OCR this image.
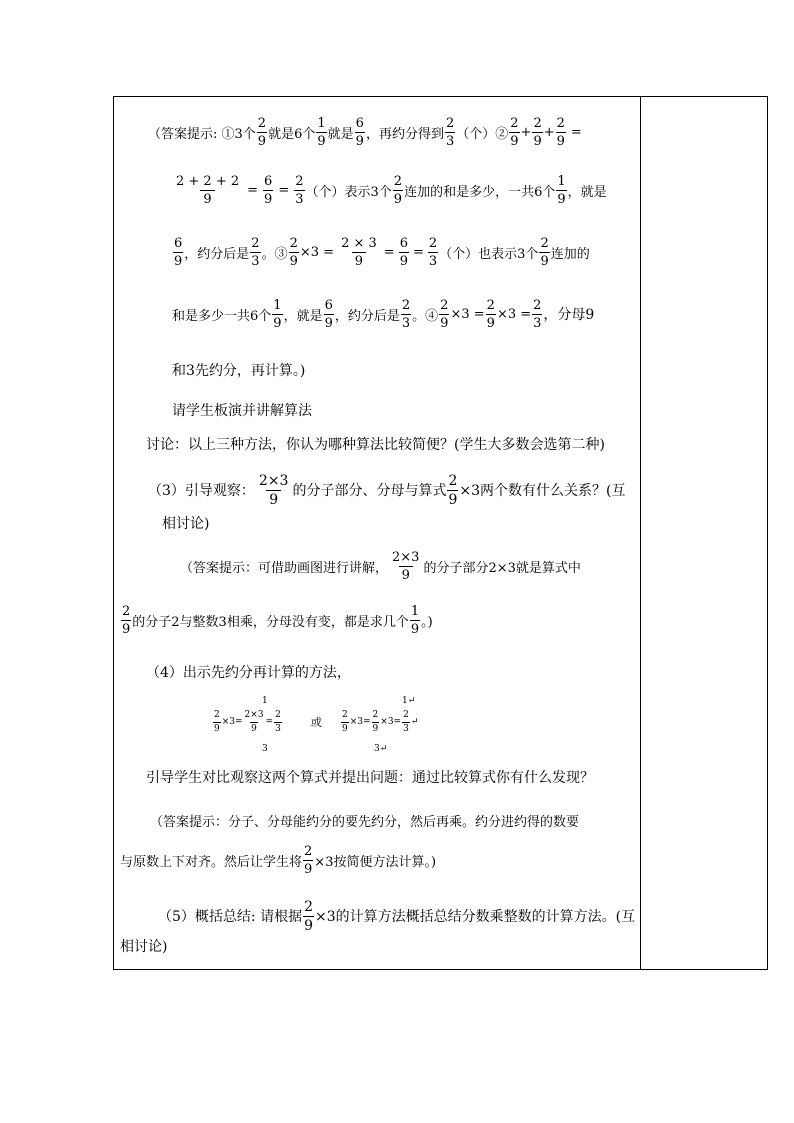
（答案提示: ①3个 $\frac{2}{9}$ 就是6个 $\frac{1}{9}$ 就是 $\frac{6}{9}$ ，再约分得到 $\frac{2}{3}$ （个）② $\frac{2}{9} + \frac{2}{9} + \frac{2}{9}$ =
$\frac{2 + 2 + 2}{9} = \frac{6}{9} = \frac{2}{3}$ （个）表示3个 $\frac{2}{9}$ 连加的和是多少，一共6个 $\frac{1}{9}$ ，就是
$\frac{6}{9}$ ，约分后是 $\frac{2}{3}$ 。③ $\frac{2}{9} \times 3 = \frac{2 \times 3}{9} = \frac{6}{9} = \frac{2}{3}$ （个）也表示3个 $\frac{2}{9}$ 连加的
和是多少一共6个 $\frac{1}{9}$ ，就是 $\frac{6}{9}$ ，约分后是 $\frac{2}{3}$ 。④ $\frac{2}{9} \times 3 = \frac{2}{9} \times 3 = \frac{2}{3}$ ，分母9
和3先约分，再计算。)
请学生板演并讲解算法
讨论：以上三种方法，你认为哪种算法比较简便？(学生大多数会选第二种)
（3）引导观察： $\frac{2\times 3}{9}$ 的分子部分、分母与算式 $\frac{2}{9} \times 3$两个数有什么关系？(互
相讨论)
（答案提示：可借助画图进行讲解， $\frac{2\times 3}{9}$ 的分子部分2×3就是算式中
$\frac{2}{9}$ 的分子2与整数3相乘，分母没有变，都是求几个 $\frac{1}{9}$ 。)
（4）出示先约分再计算的方法，
1
$\frac{2}{9} \times 3= \frac{2\times 3}{9} = \frac{2}{3}$	或
3
1↵
$\frac{2}{9} \times 3= \frac{2}{9} \times 3= \frac{2}{3}$ ↵
3↵
引导学生对比观察这两个算式并提出问题：通过比较算式你有什么发现？
（答案提示：分子、分母能约分的要先约分，然后再乘。约分进约得的数要
与原数上下对齐。然后让学生将 $\frac{2}{9} \times 3$按简便方法计算。)
（5）概括总结: 请根据 $\frac{2}{9} \times 3$的计算方法概括总结分数乘整数的计算方法。(互
相讨论)
